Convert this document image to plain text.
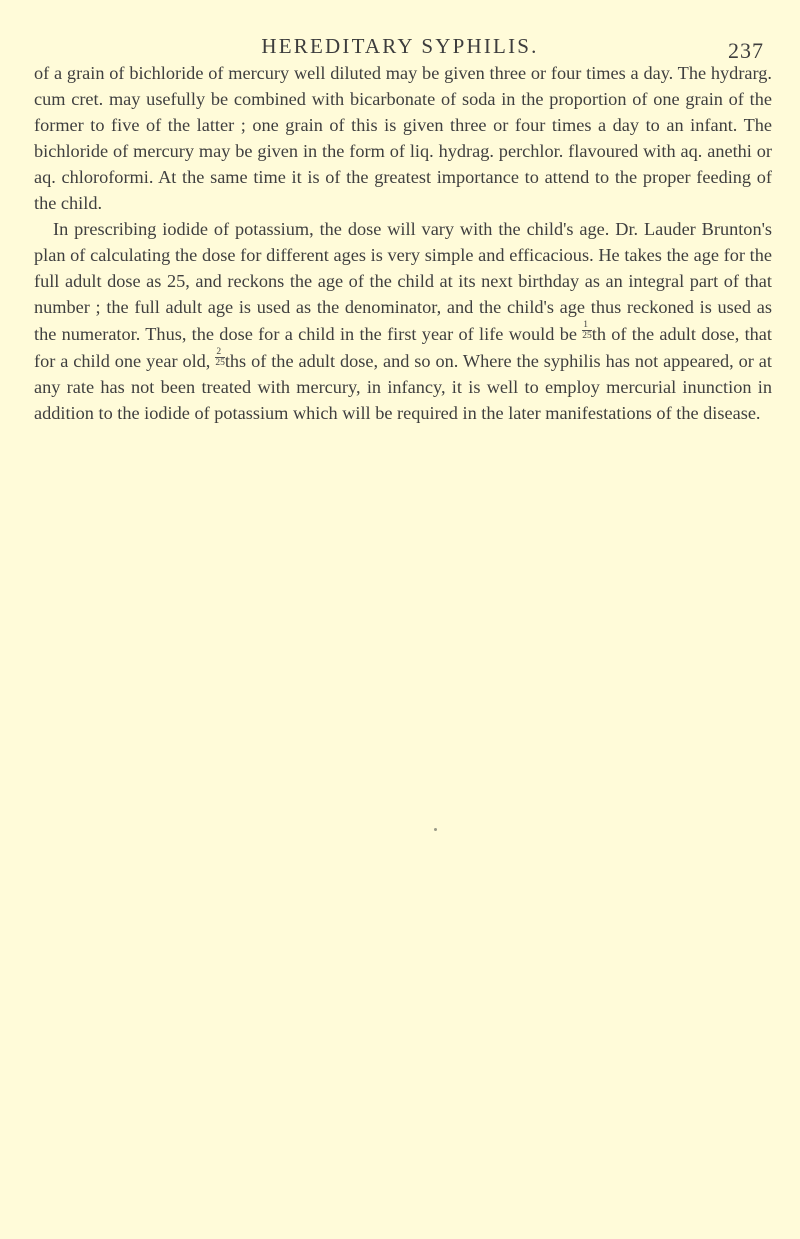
HEREDITARY SYPHILIS.	237

of a grain of bichloride of mercury well diluted may be given three or four times a day. The hydrarg. cum cret. may usefully be combined with bicarbonate of soda in the proportion of one grain of the former to five of the latter ; one grain of this is given three or four times a day to an infant. The bichloride of mercury may be given in the form of liq. hydrag. perchlor. flavoured with aq. anethi or aq. chloroformi. At the same time it is of the greatest importance to attend to the proper feeding of the child.

In prescribing iodide of potassium, the dose will vary with the child's age. Dr. Lauder Brunton's plan of calculating the dose for different ages is very simple and efficacious. He takes the age for the full adult dose as 25, and reckons the age of the child at its next birthday as an integral part of that number ; the full adult age is used as the denominator, and the child's age thus reckoned is used as the numerator. Thus, the dose for a child in the first year of life would be $\frac{1}{25}$ th of the adult dose, that for a child one year old, $\frac{2}{25}$ ths of the adult dose, and so on. Where the syphilis has not appeared, or at any rate has not been treated with mercury, in infancy, it is well to employ mercurial inunction in addition to the iodide of potassium which will be required in the later manifestations of the disease.
